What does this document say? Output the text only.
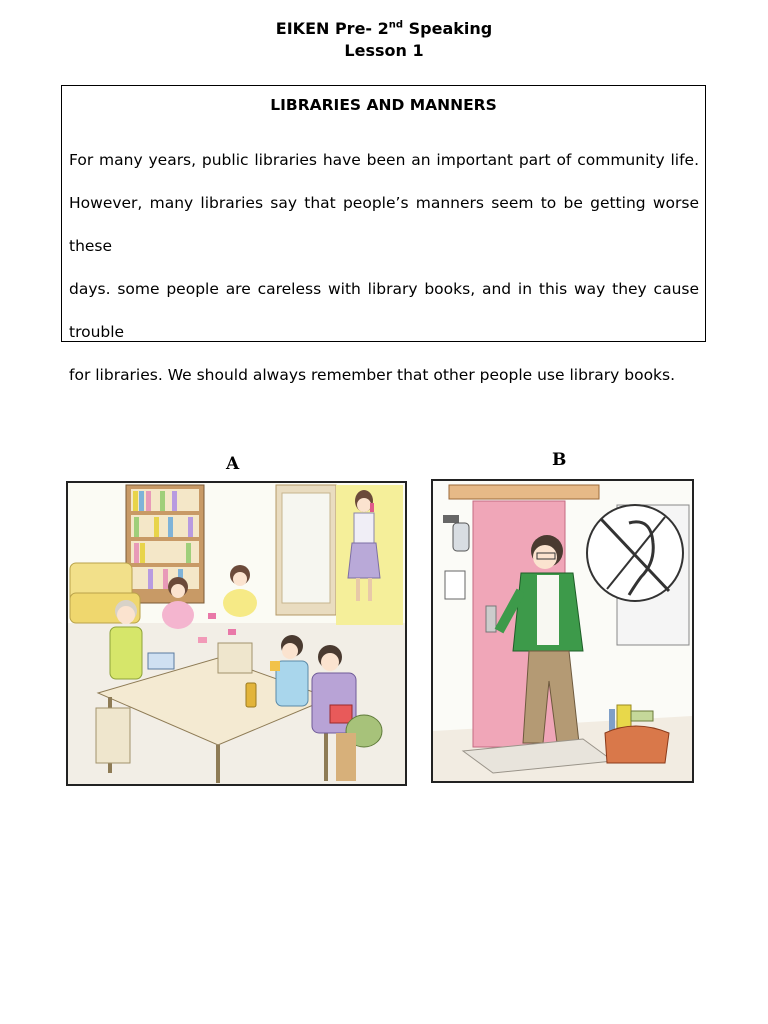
EIKEN Pre- 2nd Speaking
Lesson 1
LIBRARIES AND MANNERS
For many years, public libraries have been an important part of community life.
However, many libraries say that people’s manners seem to be getting worse these
days. some people are careless with library books, and in this way they cause trouble
for libraries. We should always remember that other people use library books.
A	B
